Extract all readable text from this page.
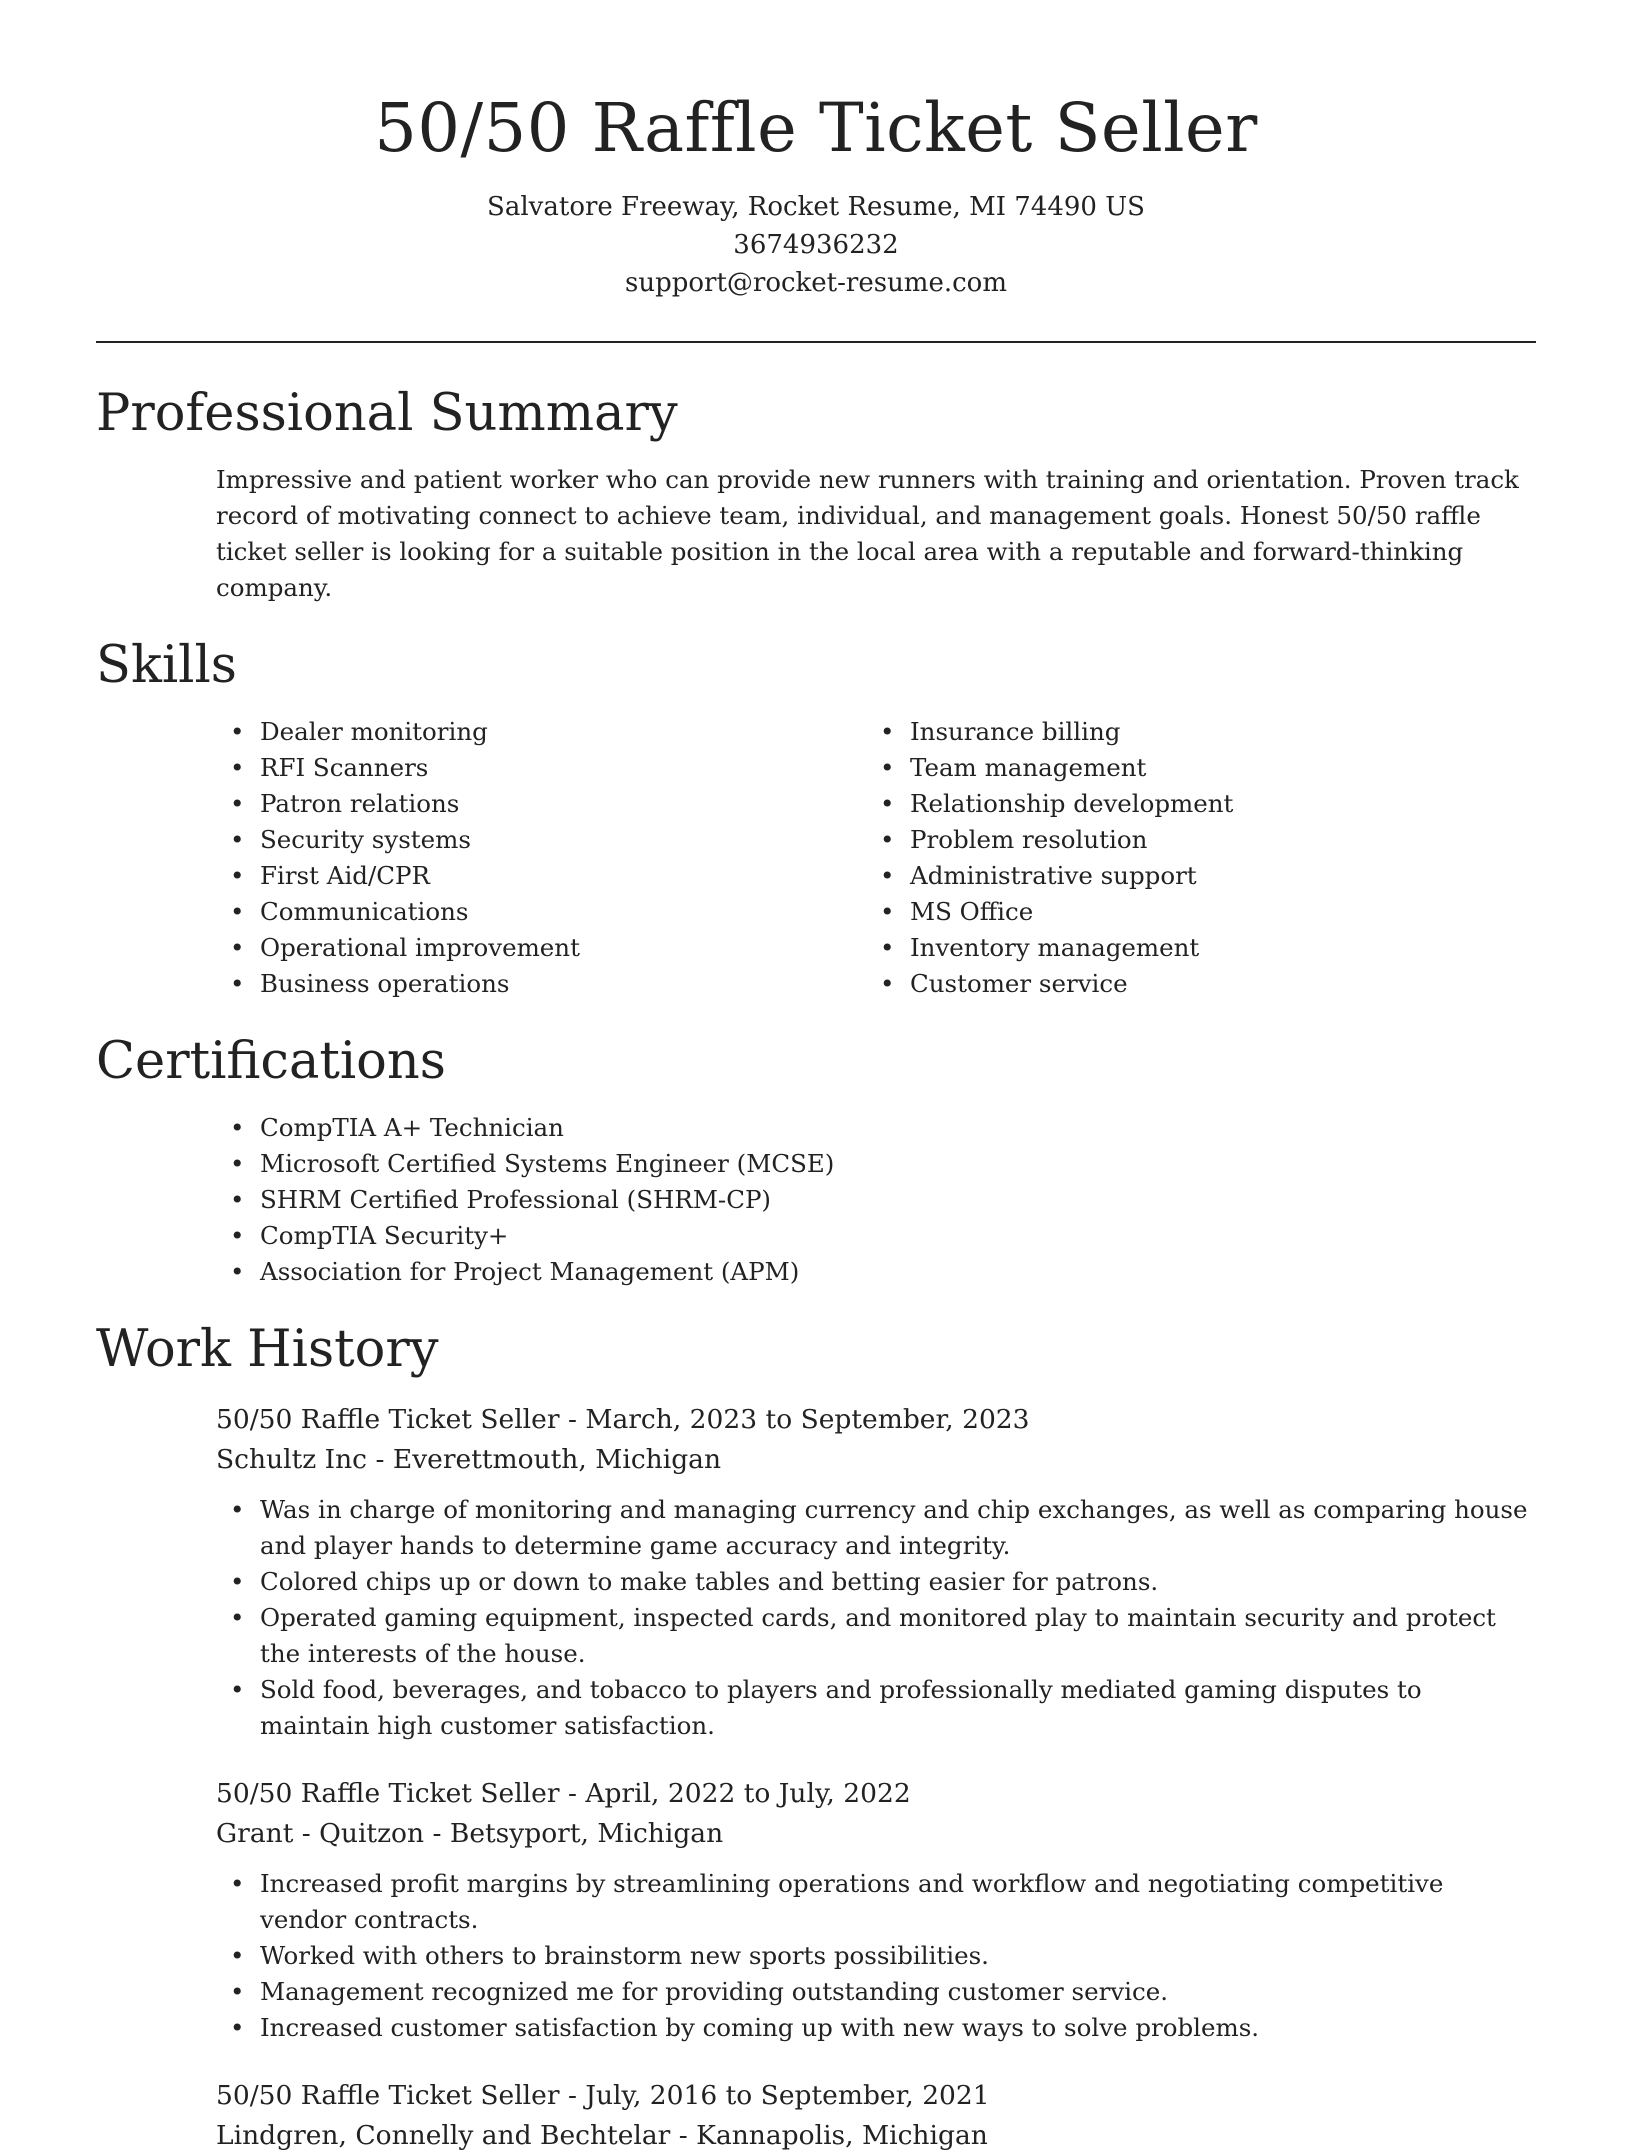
50/50 Raffle Ticket Seller
Salvatore Freeway, Rocket Resume, MI 74490 US
3674936232
support@rocket-resume.com
Professional Summary

Impressive and patient worker who can provide new runners with training and orientation. Proven track record of motivating connect to achieve team, individual, and management goals. Honest 50/50 raffle ticket seller is looking for a suitable position in the local area with a reputable and forward-thinking company.

Skills
• Dealer monitoring
• RFI Scanners
• Patron relations
• Security systems
• First Aid/CPR
• Communications
• Operational improvement
• Business operations
• Insurance billing
• Team management
• Relationship development
• Problem resolution
• Administrative support
• MS Office
• Inventory management
• Customer service
Certifications
• CompTIA A+ Technician
• Microsoft Certified Systems Engineer (MCSE)
• SHRM Certified Professional (SHRM-CP)
• CompTIA Security+
• Association for Project Management (APM)
Work History
50/50 Raffle Ticket Seller - March, 2023 to September, 2023
Schultz Inc - Everettmouth, Michigan
• Was in charge of monitoring and managing currency and chip exchanges, as well as comparing house and player hands to determine game accuracy and integrity.
• Colored chips up or down to make tables and betting easier for patrons.
• Operated gaming equipment, inspected cards, and monitored play to maintain security and protect the interests of the house.
• Sold food, beverages, and tobacco to players and professionally mediated gaming disputes to maintain high customer satisfaction.
50/50 Raffle Ticket Seller - April, 2022 to July, 2022
Grant - Quitzon - Betsyport, Michigan
• Increased profit margins by streamlining operations and workflow and negotiating competitive vendor contracts.
• Worked with others to brainstorm new sports possibilities.
• Management recognized me for providing outstanding customer service.
• Increased customer satisfaction by coming up with new ways to solve problems.
50/50 Raffle Ticket Seller - July, 2016 to September, 2021
Lindgren, Connelly and Bechtelar - Kannapolis, Michigan
